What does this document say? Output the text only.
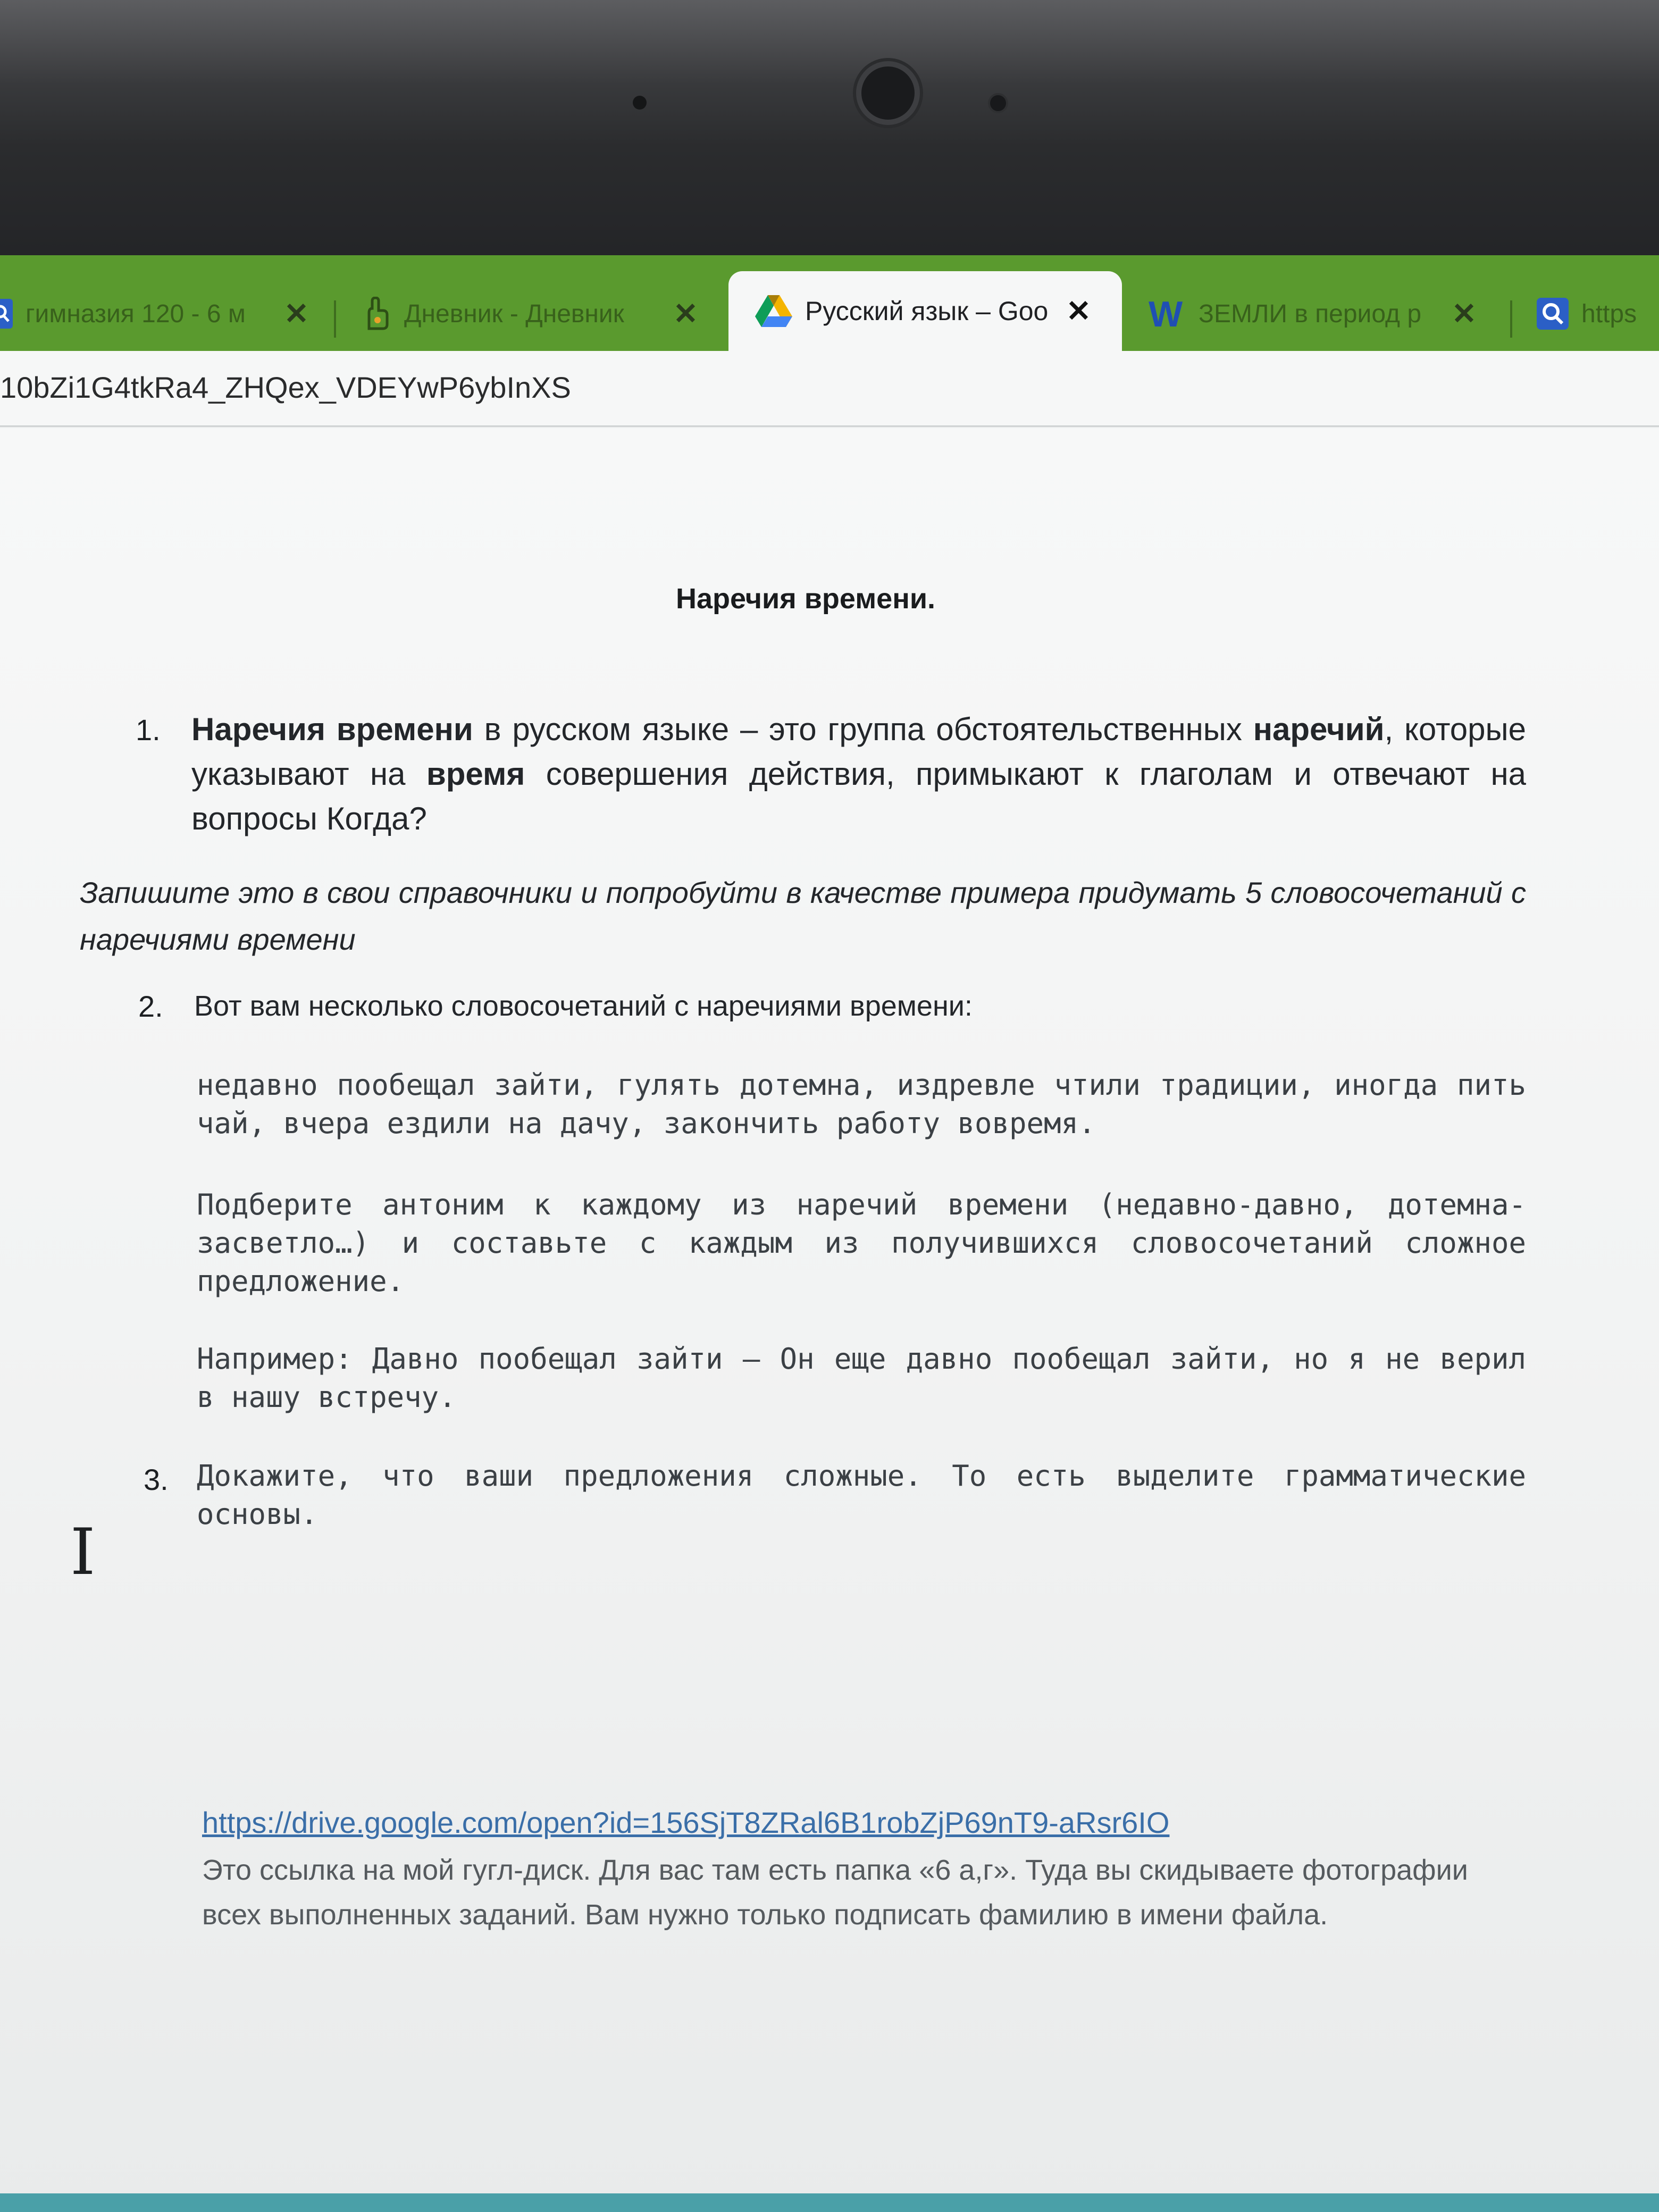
гимназия 120 - 6 м	✕	Дневник - Дневник	✕	Русский язык – Goo ✕ W ЗЕМЛИ в период р	✕	https
10bZi1G4tkRa4_ZHQex_VDEYwP6ybInXS
Наречия времени.
1. Наречия времени в русском языке – это группа обстоятельственных наречий, которые указывают на время совершения действия, примыкают к глаголам и отвечают на вопросы Когда?
Запишите это в свои справочники и попробуйти в качестве примера придумать 5 словосочетаний с наречиями времени
2. Вот вам несколько словосочетаний с наречиями времени:
недавно пообещал зайти, гулять дотемна, издревле чтили традиции, иногда пить чай, вчера ездили на дачу, закончить работу вовремя.
Подберите антоним к каждому из наречий времени (недавно-давно, дотемна-засветло…) и составьте с каждым из получившихся словосочетаний сложное предложение.
I
Например: Давно пообещал зайти – Он еще давно пообещал зайти, но я не верил в нашу встречу.
3. Докажите, что ваши предложения сложные. То есть выделите грамматические основы.
https://drive.google.com/open?id=156SjT8ZRal6B1robZjP69nT9-aRsr6IO
Это ссылка на мой гугл-диск. Для вас там есть папка «6 а,г». Туда вы скидываете фотографии всех выполненных заданий. Вам нужно только подписать фамилию в имени файла.
